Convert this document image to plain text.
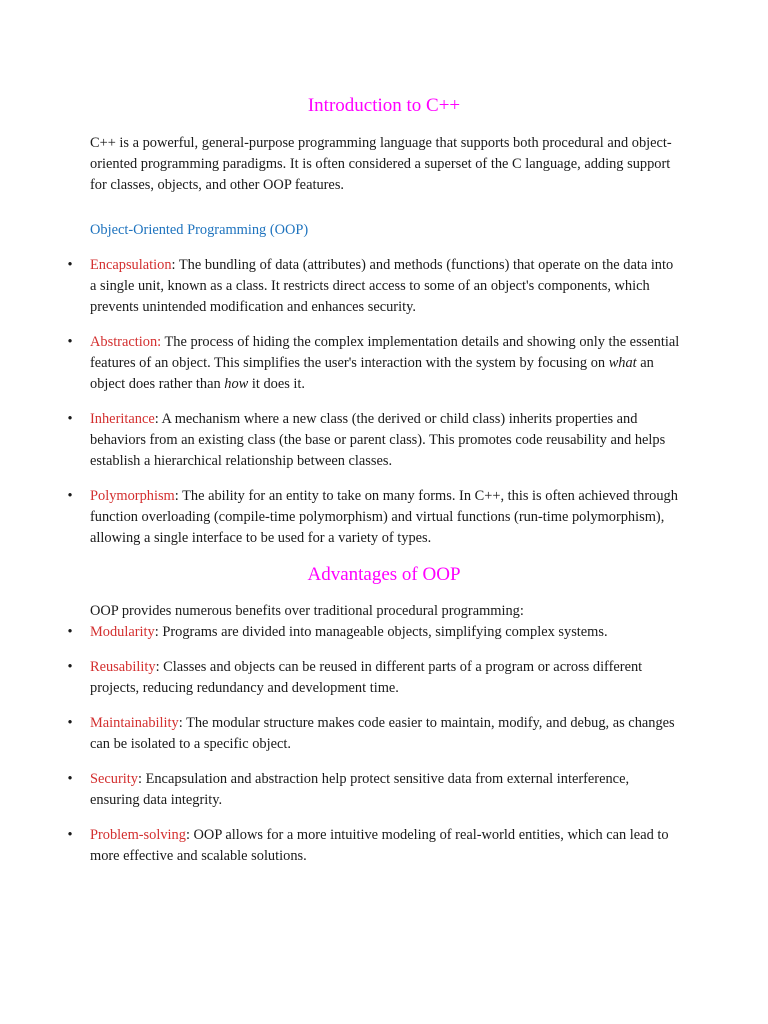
Introduction to C++

C++ is a powerful, general-purpose programming language that supports both procedural and object-oriented programming paradigms. It is often considered a superset of the C language, adding support for classes, objects, and other OOP features.

Object-Oriented Programming (OOP)
• Encapsulation: The bundling of data (attributes) and methods (functions) that operate on the data into a single unit, known as a class. It restricts direct access to some of an object's components, which prevents unintended modification and enhances security.
• Abstraction: The process of hiding the complex implementation details and showing only the essential features of an object. This simplifies the user's interaction with the system by focusing on what an object does rather than how it does it.
• Inheritance: A mechanism where a new class (the derived or child class) inherits properties and behaviors from an existing class (the base or parent class). This promotes code reusability and helps establish a hierarchical relationship between classes.
• Polymorphism: The ability for an entity to take on many forms. In C++, this is often achieved through function overloading (compile-time polymorphism) and virtual functions (run-time polymorphism), allowing a single interface to be used for a variety of types.
Advantages of OOP

OOP provides numerous benefits over traditional procedural programming:

• Modularity: Programs are divided into manageable objects, simplifying complex systems.
• Reusability: Classes and objects can be reused in different parts of a program or across different projects, reducing redundancy and development time.
• Maintainability: The modular structure makes code easier to maintain, modify, and debug, as changes can be isolated to a specific object.
• Security: Encapsulation and abstraction help protect sensitive data from external interference, ensuring data integrity.
• Problem-solving: OOP allows for a more intuitive modeling of real-world entities, which can lead to more effective and scalable solutions.
